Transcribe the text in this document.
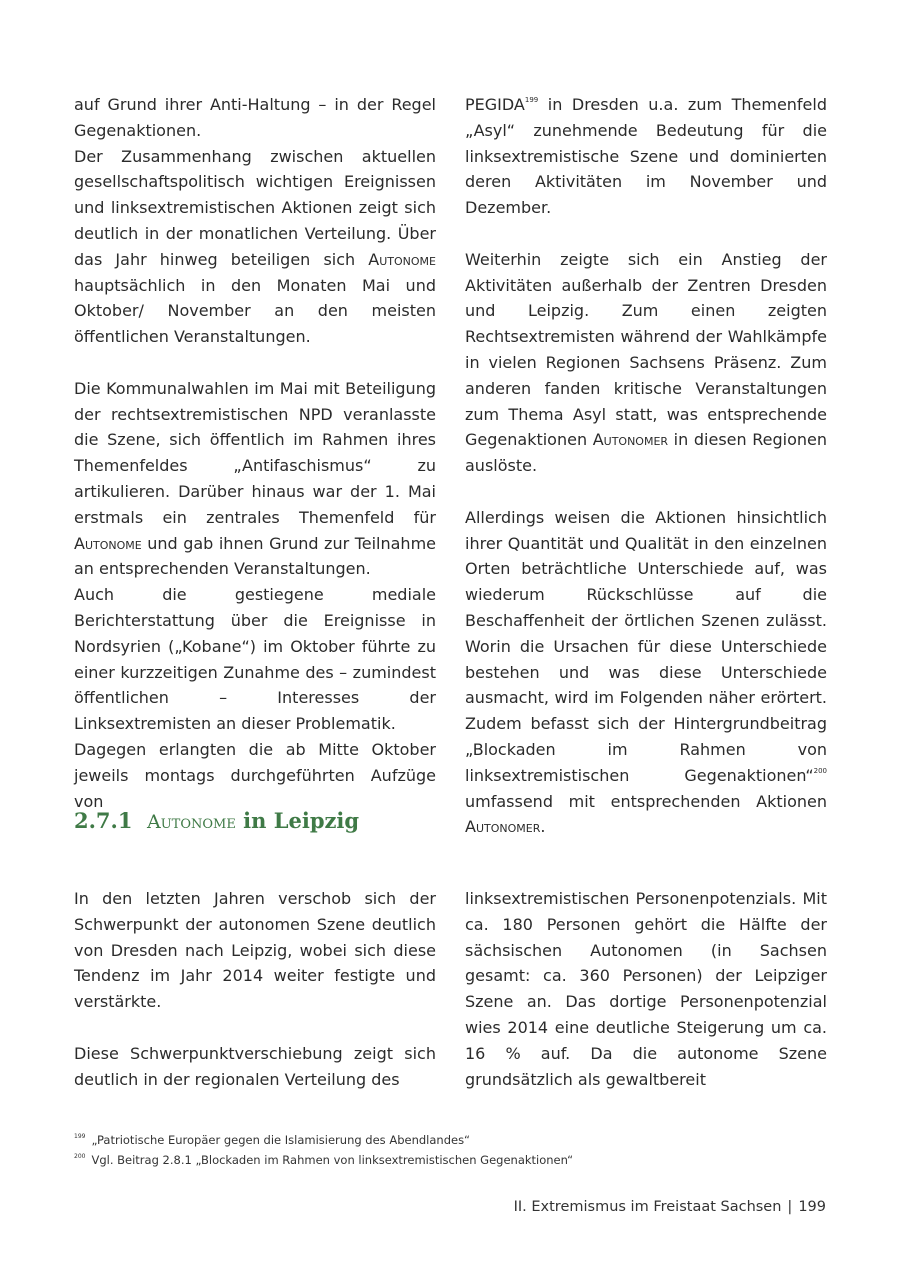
auf Grund ihrer Anti-Haltung – in der Regel Gegenaktionen.

Der Zusammenhang zwischen aktuellen gesellschaftspolitisch wichtigen Ereignissen und linksextremistischen Aktionen zeigt sich deutlich in der monatlichen Verteilung. Über das Jahr hinweg beteiligen sich Autonome hauptsächlich in den Monaten Mai und Oktober/ November an den meisten öffentlichen Veranstaltungen.

Die Kommunalwahlen im Mai mit Beteiligung der rechtsextremistischen NPD veranlasste die Szene, sich öffentlich im Rahmen ihres Themenfeldes „Antifaschismus“ zu artikulieren. Darüber hinaus war der 1. Mai erstmals ein zentrales Themenfeld für Autonome und gab ihnen Grund zur Teilnahme an entsprechenden Veranstaltungen.

Auch die gestiegene mediale Berichterstattung über die Ereignisse in Nordsyrien („Kobane“) im Oktober führte zu einer kurzzeitigen Zunahme des – zumindest öffentlichen – Interesses der Linksextremisten an dieser Problematik.

Dagegen erlangten die ab Mitte Oktober jeweils montags durchgeführten Aufzüge von

PEGIDA$^{199}$ in Dresden u.a. zum Themenfeld „Asyl“ zunehmende Bedeutung für die linksextremistische Szene und dominierten deren Aktivitäten im November und Dezember.

Weiterhin zeigte sich ein Anstieg der Aktivitäten außerhalb der Zentren Dresden und Leipzig. Zum einen zeigten Rechtsextremisten während der Wahlkämpfe in vielen Regionen Sachsens Präsenz. Zum anderen fanden kritische Veranstaltungen zum Thema Asyl statt, was entsprechende Gegenaktionen Autonomer in diesen Regionen auslöste.

Allerdings weisen die Aktionen hinsichtlich ihrer Quantität und Qualität in den einzelnen Orten beträchtliche Unterschiede auf, was wiederum Rückschlüsse auf die Beschaffenheit der örtlichen Szenen zulässt. Worin die Ursachen für diese Unterschiede bestehen und was diese Unterschiede ausmacht, wird im Folgenden näher erörtert. Zudem befasst sich der Hintergrundbeitrag „Blockaden im Rahmen von linksextremistischen Gegenaktionen“$^{200}$ umfassend mit entsprechenden Aktionen Autonomer.

2.7.1 Autonome in Leipzig

In den letzten Jahren verschob sich der Schwerpunkt der autonomen Szene deutlich von Dresden nach Leipzig, wobei sich diese Tendenz im Jahr 2014 weiter festigte und verstärkte.

Diese Schwerpunktverschiebung zeigt sich deutlich in der regionalen Verteilung des

linksextremistischen Personenpotenzials. Mit ca. 180 Personen gehört die Hälfte der sächsischen Autonomen (in Sachsen gesamt: ca. 360 Personen) der Leipziger Szene an. Das dortige Personenpotenzial wies 2014 eine deutliche Steigerung um ca. 16 % auf. Da die autonome Szene grundsätzlich als gewaltbereit

$^{199}$ „Patriotische Europäer gegen die Islamisierung des Abendlandes“
$^{200}$ Vgl. Beitrag 2.8.1 „Blockaden im Rahmen von linksextremistischen Gegenaktionen“
II. Extremismus im Freistaat Sachsen | 199
